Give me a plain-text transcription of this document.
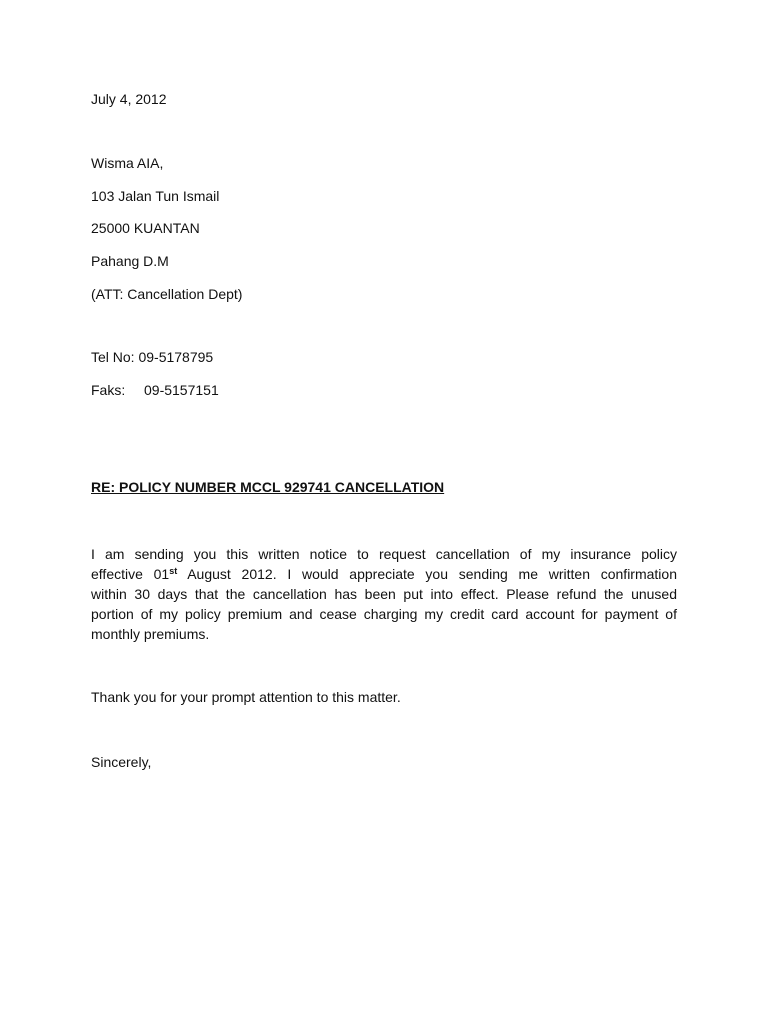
July 4, 2012
Wisma AIA,
103 Jalan Tun Ismail
25000 KUANTAN
Pahang D.M
(ATT: Cancellation Dept)
Tel No: 09-5178795
Faks: 09-5157151
RE: POLICY NUMBER MCCL 929741 CANCELLATION
I am sending you this written notice to request cancellation of my insurance policy
effective 01st August 2012. I would appreciate you sending me written confirmation
within 30 days that the cancellation has been put into effect. Please refund the unused
portion of my policy premium and cease charging my credit card account for payment of
monthly premiums.
Thank you for your prompt attention to this matter.
Sincerely,
